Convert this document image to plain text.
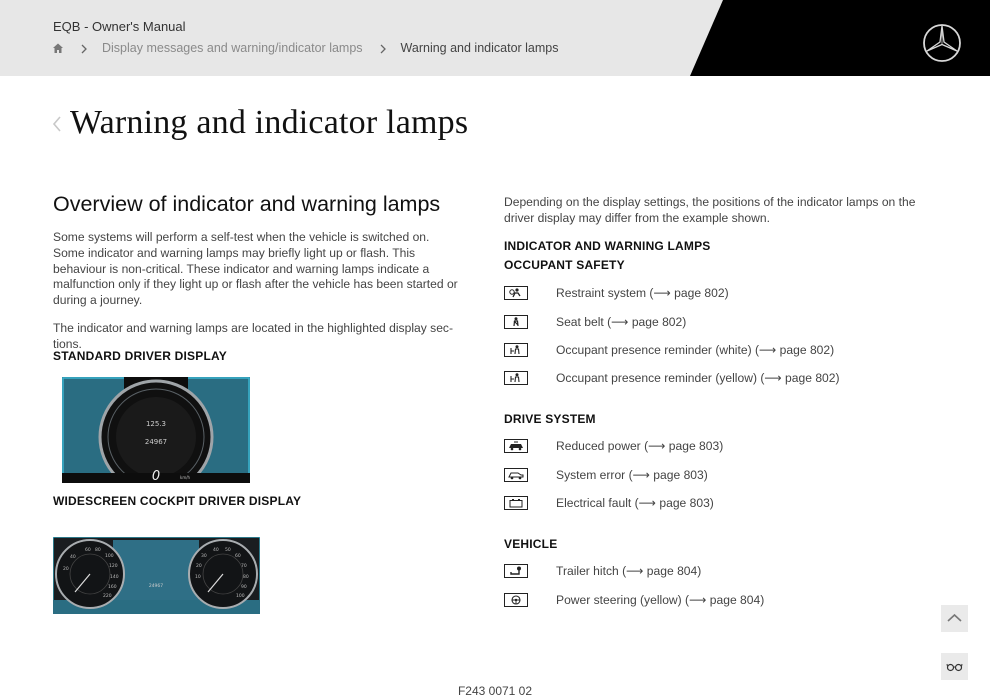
EQB - Owner's Manual
Display messages and warning/indicator lamps	Warning and indicator lamps
Warning and indicator lamps
Overview of indicator and warning lamps

Some systems will perform a self-test when the vehicle is switched on. Some indicator and warning lamps may briefly light up or flash. This behaviour is non-critical. These indicator and warning lamps indicate a malfunction only if they light up or flash after the vehicle has been started or during a journey.

The indicator and warning lamps are located in the highlighted display sec-tions.

STANDARD DRIVER DISPLAY
125.3
24967
0	km/h
WIDESCREEN COCKPIT DRIVER DISPLAY
60 80
100
40
120
20
140
160
220
40 50
60
30
70
20
80
10
90
100
24967

Depending on the display settings, the positions of the indicator lamps on the driver display may differ from the example shown.

INDICATOR AND WARNING LAMPS
OCCUPANT SAFETY
Restraint system (⟶ page 802)
Seat belt (⟶ page 802)
Occupant presence reminder (white) (⟶ page 802)
Occupant presence reminder (yellow) (⟶ page 802)
DRIVE SYSTEM
Reduced power (⟶ page 803)
System error (⟶ page 803)
Electrical fault (⟶ page 803)
VEHICLE
Trailer hitch (⟶ page 804)
Power steering (yellow) (⟶ page 804)
F243 0071 02
